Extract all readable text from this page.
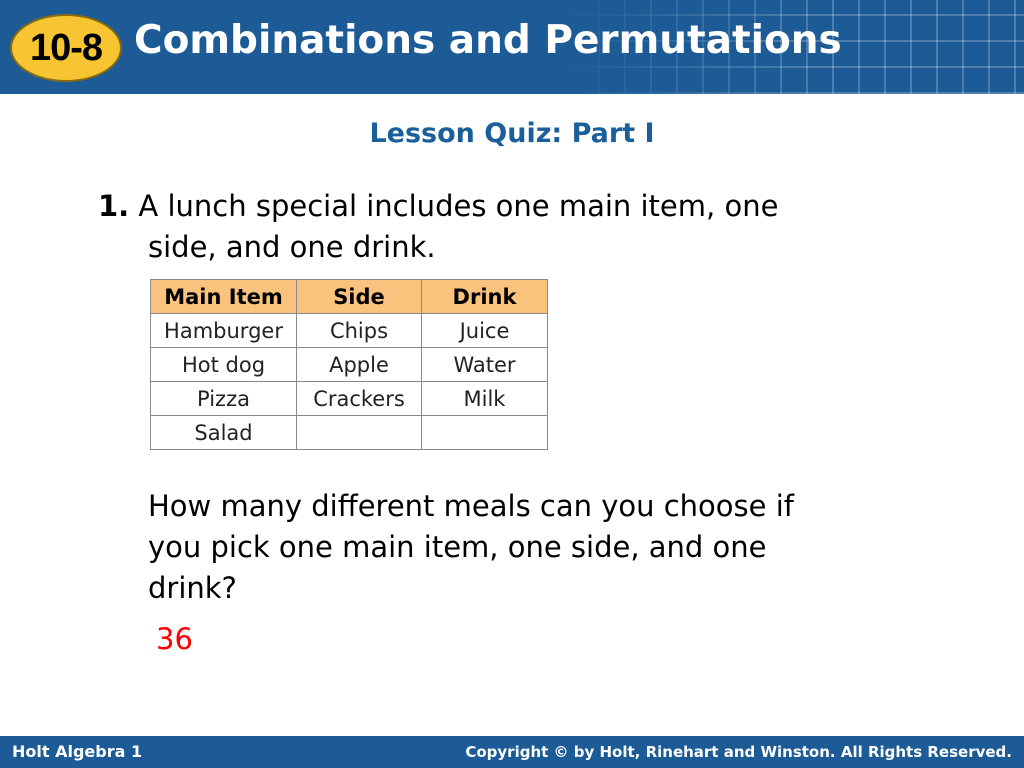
10-8 Combinations and Permutations
Lesson Quiz: Part I
1. A lunch special includes one main item, one
side, and one drink.
Main Item	Side	Drink
Hamburger	Chips	Juice
Hot dog	Apple	Water
Pizza	Crackers	Milk
Salad		
How many different meals can you choose if
you pick one main item, one side, and one
drink?
36
Holt Algebra 1	Copyright © by Holt, Rinehart and Winston. All Rights Reserved.
